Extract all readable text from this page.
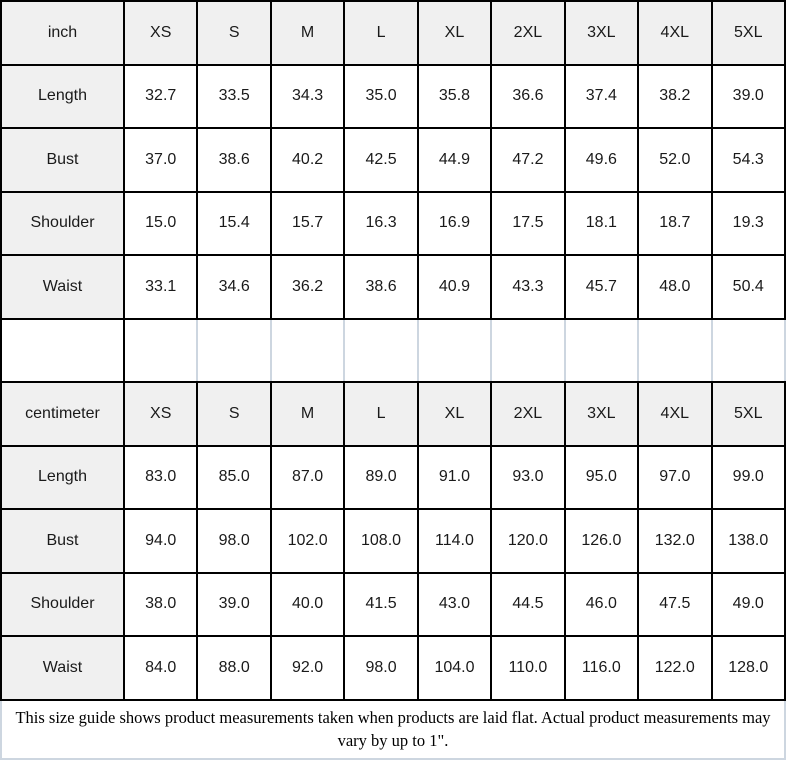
inch	XS	S	M	L	XL	2XL	3XL	4XL	5XL
Length	32.7	33.5	34.3	35.0	35.8	36.6	37.4	38.2	39.0
Bust	37.0	38.6	40.2	42.5	44.9	47.2	49.6	52.0	54.3
Shoulder	15.0	15.4	15.7	16.3	16.9	17.5	18.1	18.7	19.3
Waist	33.1	34.6	36.2	38.6	40.9	43.3	45.7	48.0	50.4

centimeter	XS	S	M	L	XL	2XL	3XL	4XL	5XL
Length	83.0	85.0	87.0	89.0	91.0	93.0	95.0	97.0	99.0
Bust	94.0	98.0	102.0	108.0	114.0	120.0	126.0	132.0	138.0
Shoulder	38.0	39.0	40.0	41.5	43.0	44.5	46.0	47.5	49.0
Waist	84.0	88.0	92.0	98.0	104.0	110.0	116.0	122.0	128.0
This size guide shows product measurements taken when products are laid flat. Actual product measurements may vary by up to 1".
